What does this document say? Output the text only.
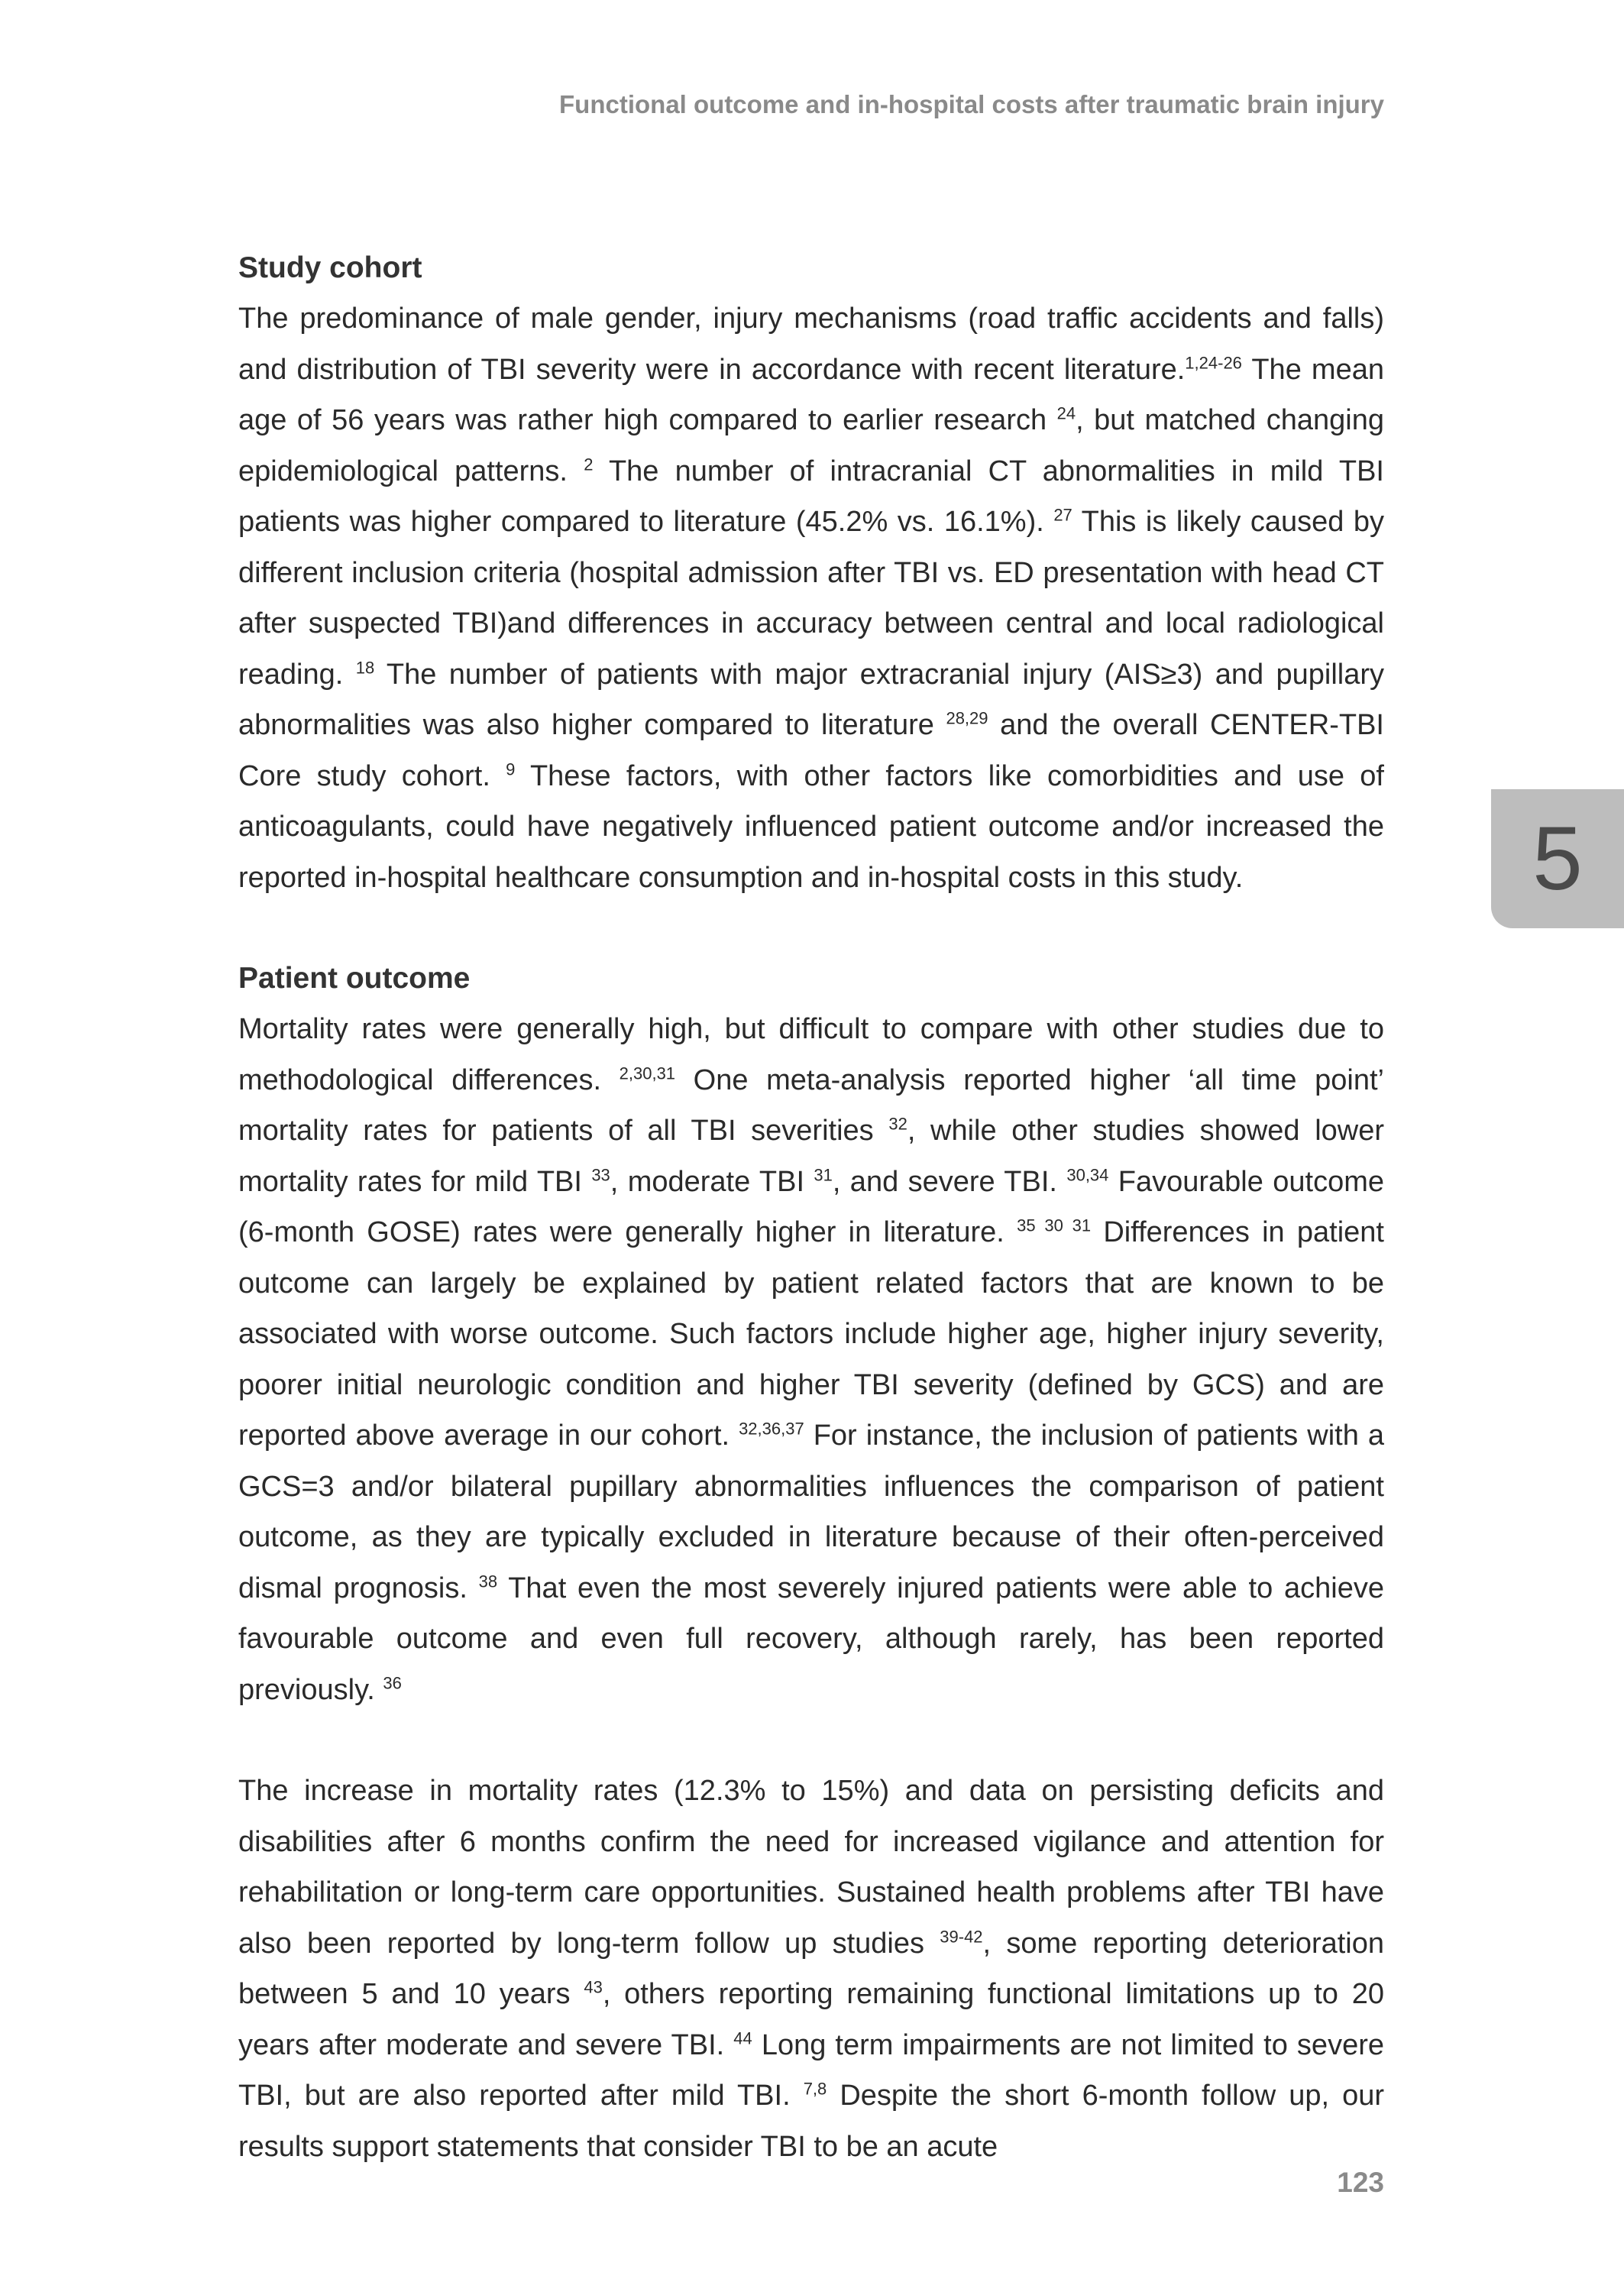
Functional outcome and in-hospital costs after traumatic brain injury

Study cohort

The predominance of male gender, injury mechanisms (road traffic accidents and falls) and distribution of TBI severity were in accordance with recent literature.$^{1,24-26}$ The mean age of 56 years was rather high compared to earlier research $^{24}$, but matched changing epidemiological patterns. $^2$ The number of intracranial CT abnormalities in mild TBI patients was higher compared to literature (45.2% vs. 16.1%). $^{27}$ This is likely caused by different inclusion criteria (hospital admission after TBI vs. ED presentation with head CT after suspected TBI)and differences in accuracy between central and local radiological reading. $^{18}$ The number of patients with major extracranial injury (AIS≥3) and pupillary abnormalities was also higher compared to literature $^{28,29}$ and the overall CENTER-TBI Core study cohort. $^9$ These factors, with other factors like comorbidities and use of anticoagulants, could have negatively influenced patient outcome and/or increased the reported in-hospital healthcare consumption and in-hospital costs in this study.

Patient outcome

Mortality rates were generally high, but difficult to compare with other studies due to methodological differences. $^{2,30,31}$ One meta-analysis reported higher ‘all time point’ mortality rates for patients of all TBI severities $^{32}$, while other studies showed lower mortality rates for mild TBI $^{33}$, moderate TBI $^{31}$, and severe TBI. $^{30,34}$ Favourable outcome (6-month GOSE) rates were generally higher in literature. $^{35 30 31}$ Differences in patient outcome can largely be explained by patient related factors that are known to be associated with worse outcome. Such factors include higher age, higher injury severity, poorer initial neurologic condition and higher TBI severity (defined by GCS) and are reported above average in our cohort. $^{32,36,37}$ For instance, the inclusion of patients with a GCS=3 and/or bilateral pupillary abnormalities influences the comparison of patient outcome, as they are typically excluded in literature because of their often-perceived dismal prognosis. $^{38}$ That even the most severely injured patients were able to achieve favourable outcome and even full recovery, although rarely, has been reported previously. $^{36}$

The increase in mortality rates (12.3% to 15%) and data on persisting deficits and disabilities after 6 months confirm the need for increased vigilance and attention for rehabilitation or long-term care opportunities. Sustained health problems after TBI have also been reported by long-term follow up studies $^{39-42}$, some reporting deterioration between 5 and 10 years $^{43}$, others reporting remaining functional limitations up to 20 years after moderate and severe TBI. $^{44}$ Long term impairments are not limited to severe TBI, but are also reported after mild TBI. $^{7,8}$ Despite the short 6-month follow up, our results support statements that consider TBI to be an acute

5
123
